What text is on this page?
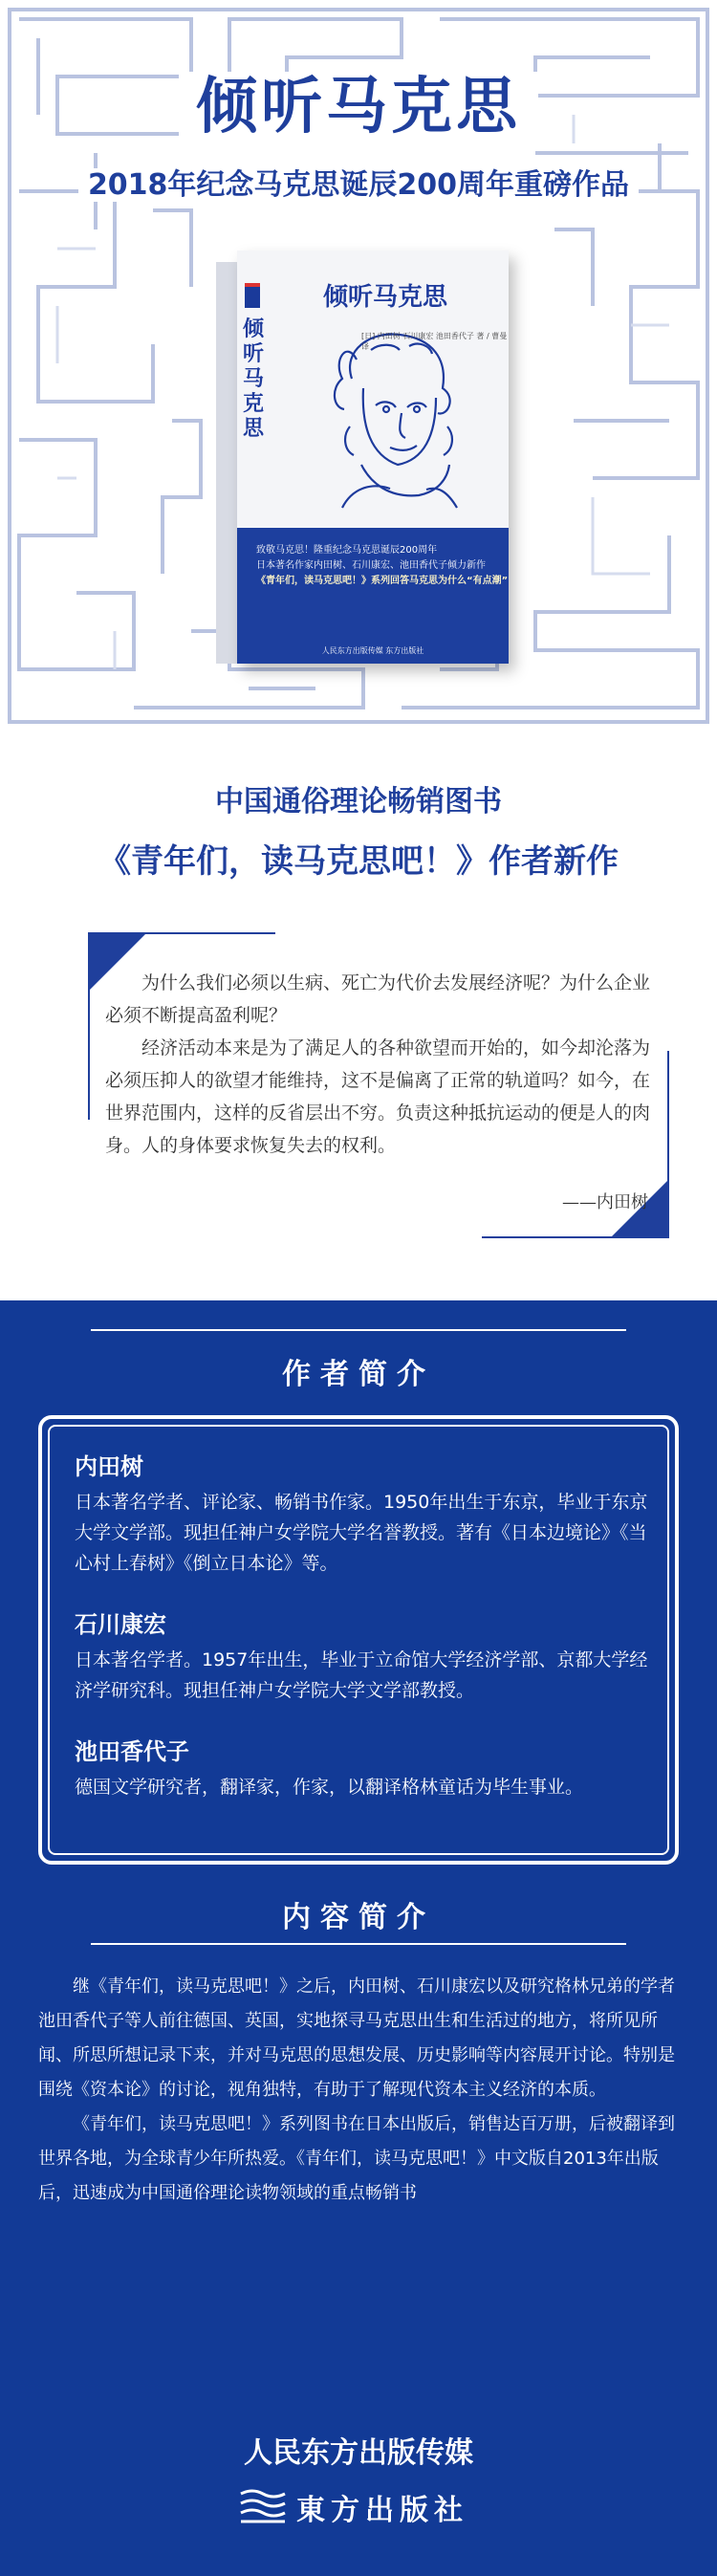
倾听马克思
2018年纪念马克思诞辰200周年重磅作品
倾听马克思
倾听马克思
[日] 内田树 石川康宏 池田香代子 著 / 曹曼 译

致敬马克思！隆重纪念马克思诞辰200周年

日本著名作家内田树、石川康宏、池田香代子倾力新作

《青年们，读马克思吧！》系列回答马克思为什么“有点潮”

人民东方出版传媒 东方出版社
中国通俗理论畅销图书
《青年们，读马克思吧！》作者新作

为什么我们必须以生病、死亡为代价去发展经济呢？为什么企业必须不断提高盈利呢？

经济活动本来是为了满足人的各种欲望而开始的，如今却沦落为必须压抑人的欲望才能维持，这不是偏离了正常的轨道吗？如今，在世界范围内，这样的反省层出不穷。负责这种抵抗运动的便是人的肉身。人的身体要求恢复失去的权利。

——内田树
作者简介
内田树
日本著名学者、评论家、畅销书作家。1950年出生于东京，毕业于东京大学文学部。现担任神户女学院大学名誉教授。著有《日本边境论》《当心村上春树》《倒立日本论》等。
石川康宏
日本著名学者。1957年出生，毕业于立命馆大学经济学部、京都大学经济学研究科。现担任神户女学院大学文学部教授。
池田香代子
德国文学研究者，翻译家，作家，以翻译格林童话为毕生事业。
内容简介

继《青年们，读马克思吧！》之后，内田树、石川康宏以及研究格林兄弟的学者池田香代子等人前往德国、英国，实地探寻马克思出生和生活过的地方，将所见所闻、所思所想记录下来，并对马克思的思想发展、历史影响等内容展开讨论。特别是围绕《资本论》的讨论，视角独特，有助于了解现代资本主义经济的本质。

《青年们，读马克思吧！》系列图书在日本出版后，销售达百万册，后被翻译到世界各地，为全球青少年所热爱。《青年们，读马克思吧！》中文版自2013年出版后，迅速成为中国通俗理论读物领域的重点畅销书

人民东方出版传媒
東方出版社
